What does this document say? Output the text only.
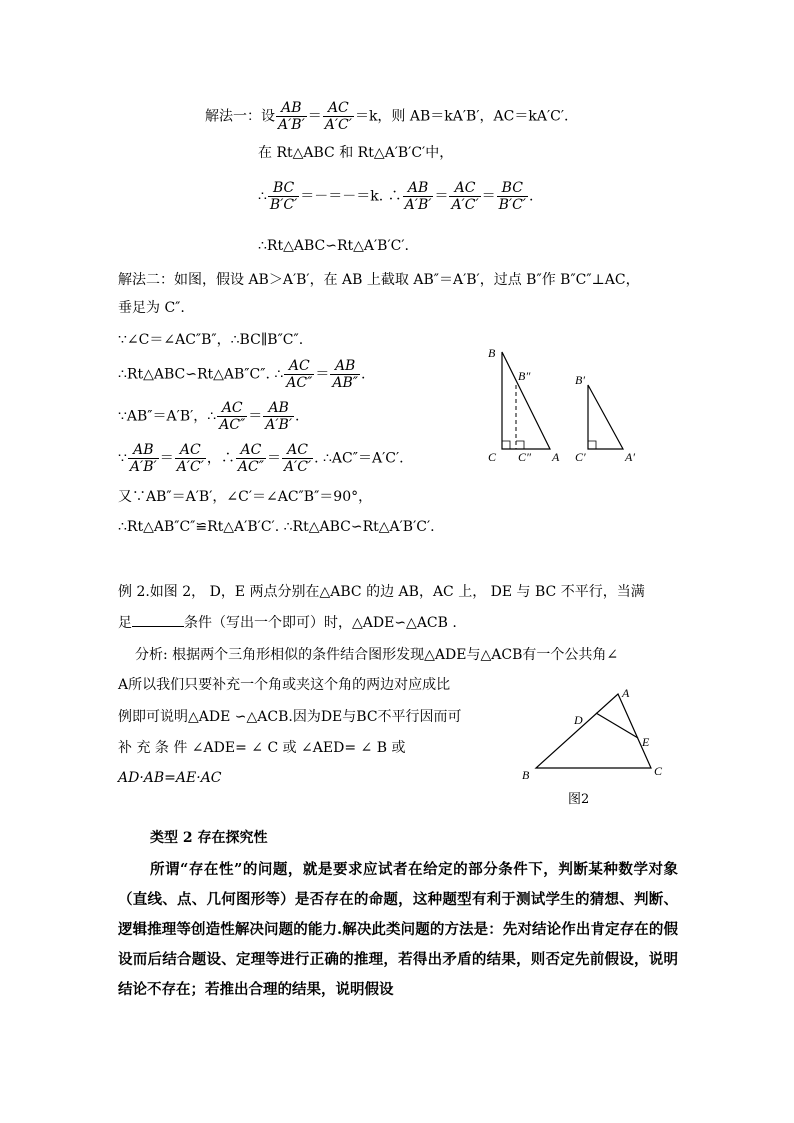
解法一：设 $\frac{AB}{A'B'} = \frac{AC}{A'C'} =k$，则 AB＝kA′B′，AC＝kA′C′.
在 Rt△ABC 和 Rt△A′B′C′中，
∴ $\frac{BC}{B'C'} =-=-=k$. ∴ $\frac{AB}{A'B'} = \frac{AC}{A'C'} = \frac{BC}{B'C'}$ .
∴Rt△ABC∽Rt△A′B′C′.
解法二：如图，假设 AB＞A′B′，在 AB 上截取 AB″＝A′B′，过点 B″作 B″C″⊥AC，
垂足为 C″.
∵∠C＝∠AC″B″，∴BC∥B″C″.
∴Rt△ABC∽Rt△AB″C″. ∴ $\frac{AC}{AC''} = \frac{AB}{AB''}$ .
∵AB″＝A′B′，∴ $\frac{AC}{AC''} = \frac{AB}{A'B'}$ .
∵ $\frac{AB}{A'B'} = \frac{AC}{A'C'}$ ，∴ $\frac{AC}{AC''} = \frac{AC}{A'C'}$ . ∴AC″＝A′C′.
又∵AB″＝A′B′，∠C′＝∠AC″B″＝90°，
∴Rt△AB″C″≌Rt△A′B′C′. ∴Rt△ABC∽Rt△A′B′C′.
B
B″
C C″ A
B′
C′	A′
例 2.如图 2， D，E 两点分别在△ABC 的边 AB，AC 上， DE 与 BC 不平行，当满
足	条件（写出一个即可）时，△ADE∽△ACB .
分析: 根据两个三角形相似的条件结合图形发现△ADE与△ACB有一个公共角∠
A所以我们只要补充一个角或夹这个角的两边对应成比
例即可说明△ADE ∽△ACB.因为DE与BC不平行因而可
补 充 条 件 ∠ADE= ∠ C 或 ∠AED= ∠ B 或
AD·AB=AE·AC
A
D
E
B	C
图2
类型 2 存在探究性
所谓“存在性”的问题，就是要求应试者在给定的部分条件下，判断某种数学对象（直线、点、几何图形等）是否存在的命题，这种题型有利于测试学生的猜想、判断、逻辑推理等创造性解决问题的能力.解决此类问题的方法是：先对结论作出肯定存在的假设而后结合题设、定理等进行正确的推理，若得出矛盾的结果，则否定先前假设，说明结论不存在；若推出合理的结果，说明假设
